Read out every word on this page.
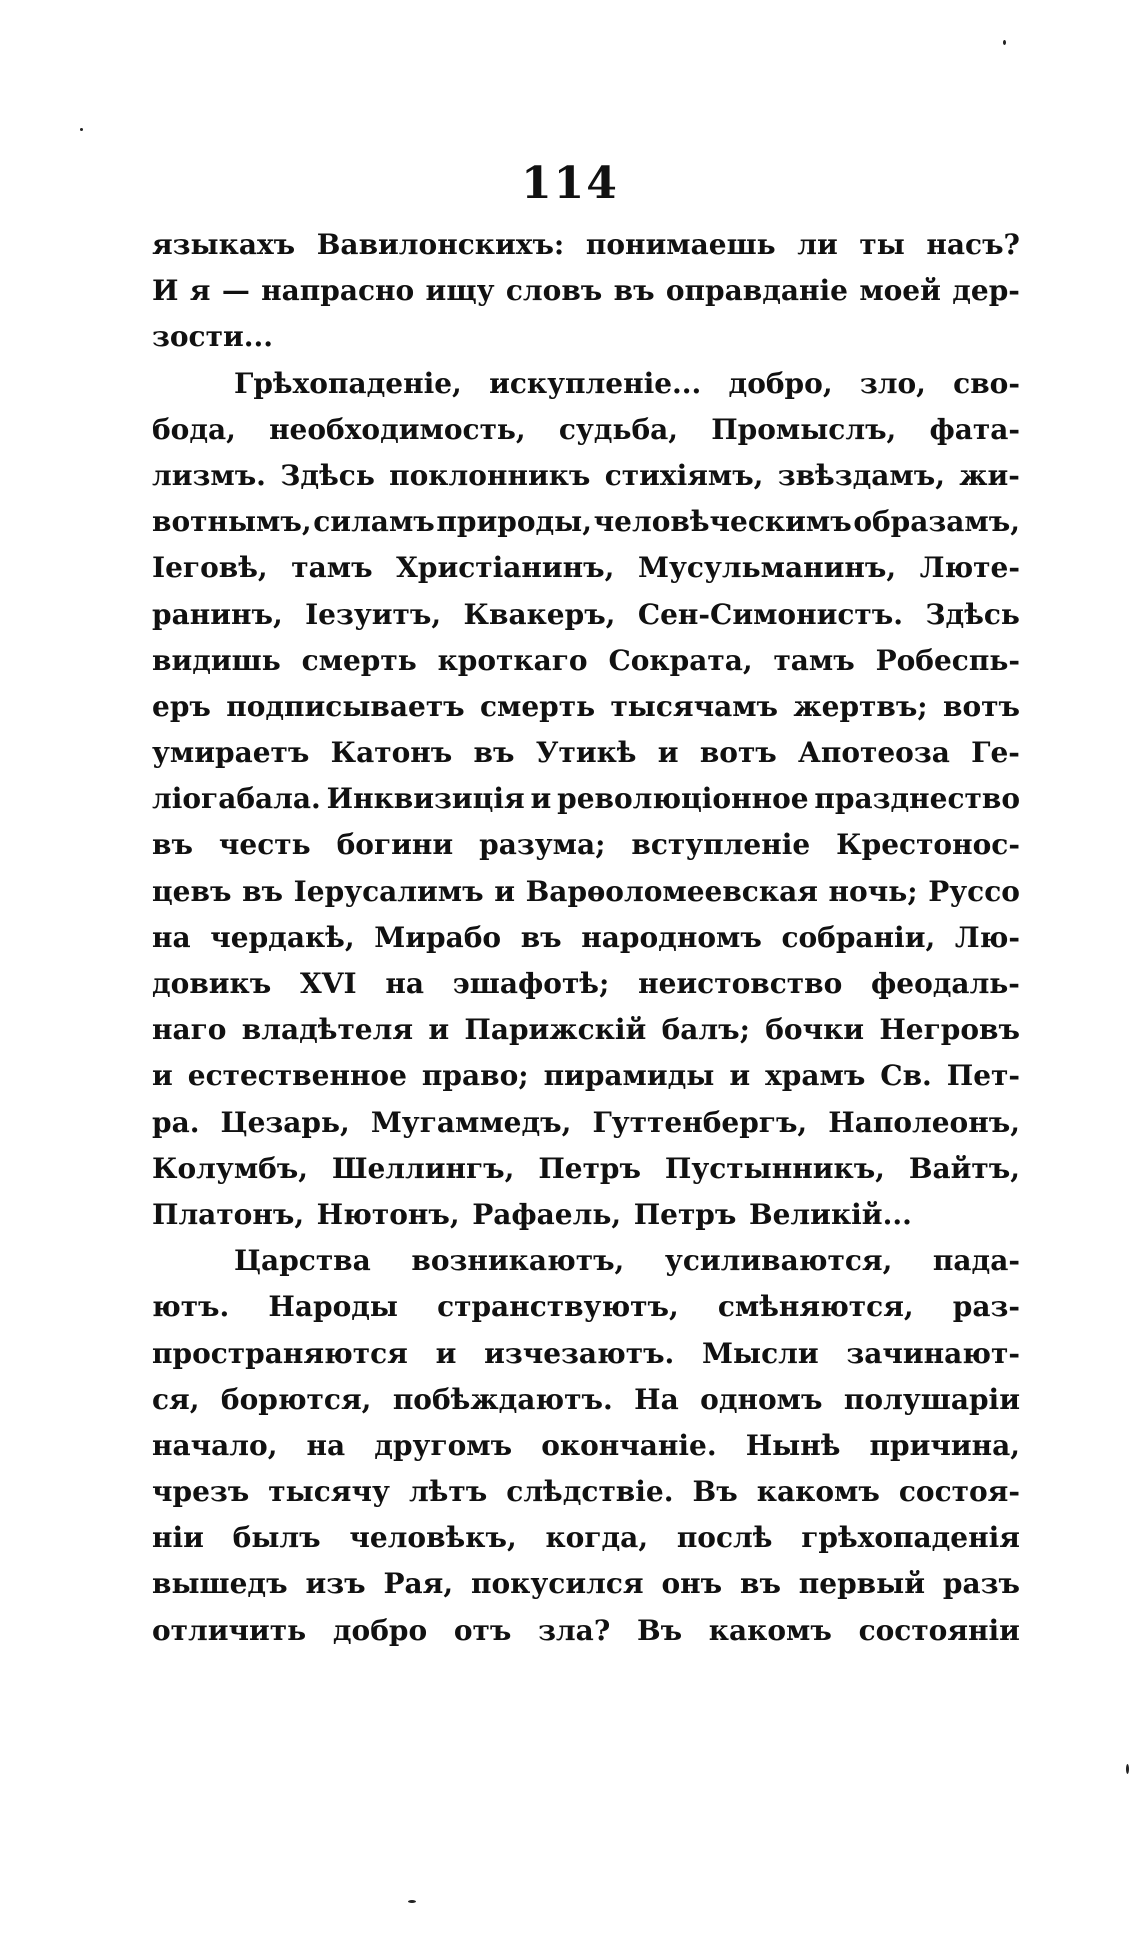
114
языкахъ Вавилонскихъ: понимаешь ли ты насъ?
И я — напрасно ищу словъ въ оправданіе моей дер-
зости...
Грѣхопаденіе, искупленіе... добро, зло, сво-
бода, необходимость, судьба, Промыслъ, фата-
лизмъ. Здѣсь поклонникъ стихіямъ, звѣздамъ, жи-
вотнымъ, силамъ природы, человѣческимъ образамъ,
Іеговѣ, тамъ Христіанинъ, Мусульманинъ, Люте-
ранинъ, Іезуитъ, Квакеръ, Сен-Симонистъ. Здѣсь
видишь смерть кроткаго Сократа, тамъ Робеспь-
еръ подписываетъ смерть тысячамъ жертвъ; вотъ
умираетъ Катонъ въ Утикѣ и вотъ Апотеоза Ге-
ліогабала. Инквизиція и революціонное празднество
въ честь богини разума; вступленіе Крестонос-
цевъ въ Іерусалимъ и Варѳоломеевская ночь; Руссо
на чердакѣ, Мирабо въ народномъ собраніи, Лю-
довикъ XVI на эшафотѣ; неистовство феодаль-
наго владѣтеля и Парижскій балъ; бочки Негровъ
и естественное право; пирамиды и храмъ Св. Пет-
ра. Цезарь, Мугаммедъ, Гуттенбергъ, Наполеонъ,
Колумбъ, Шеллингъ, Петръ Пустынникъ, Вайтъ,
Платонъ, Нютонъ, Рафаель, Петръ Великій...
Царства возникаютъ, усиливаются, пада-
ютъ. Народы странствуютъ, смѣняются, раз-
пространяются и изчезаютъ. Мысли зачинают-
ся, борются, побѣждаютъ. На одномъ полушаріи
начало, на другомъ окончаніе. Нынѣ причина,
чрезъ тысячу лѣтъ слѣдствіе. Въ какомъ состоя-
ніи былъ человѣкъ, когда, послѣ грѣхопаденія
вышедъ изъ Рая, покусился онъ въ первый разъ
отличить добро отъ зла? Въ какомъ состояніи
